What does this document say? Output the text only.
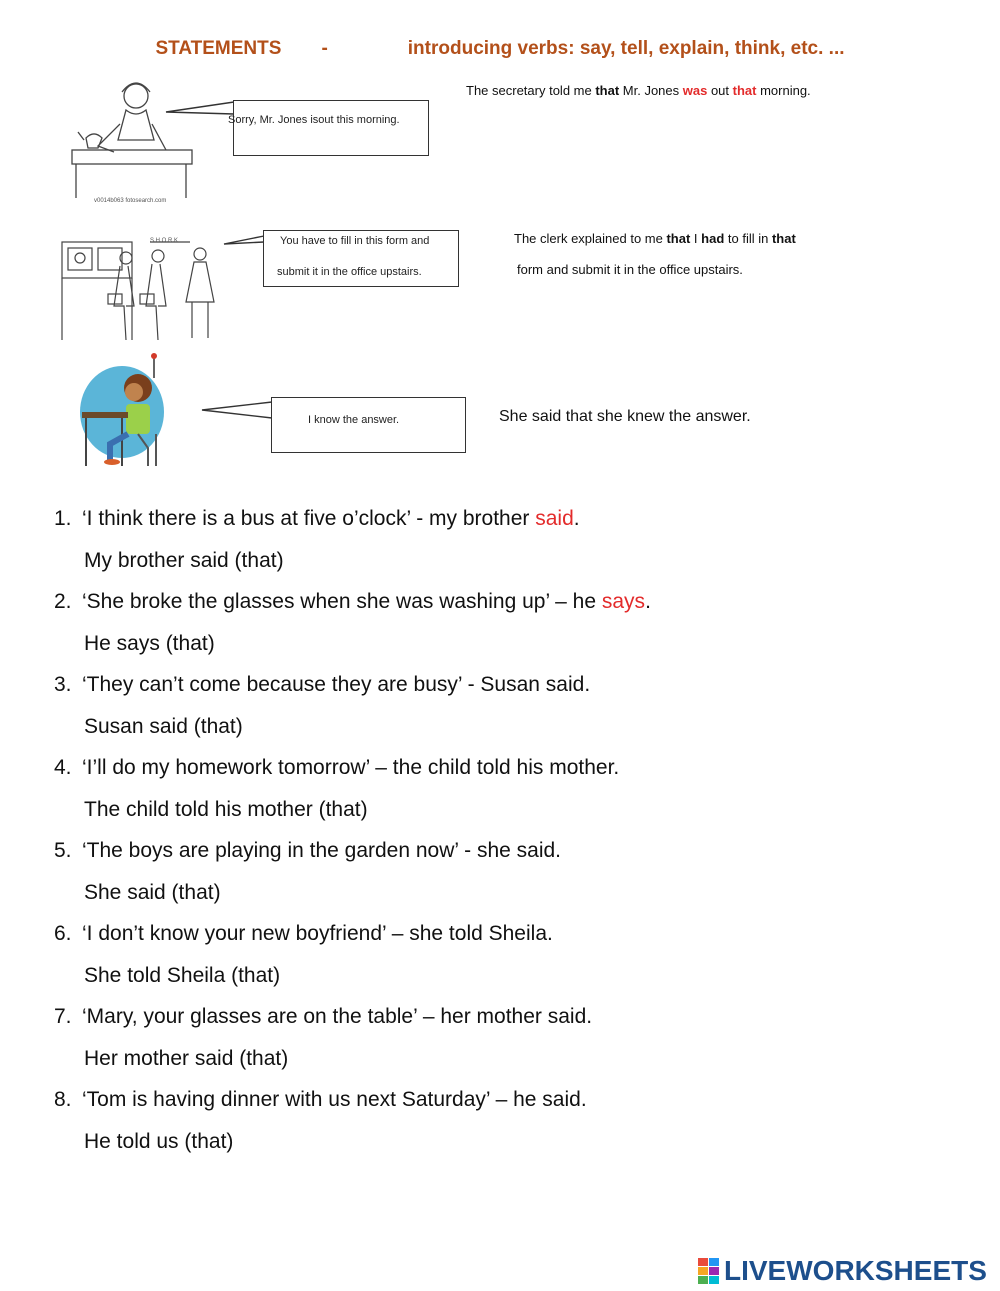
STATEMENTS -	introducing verbs: say, tell, explain, think, etc. ...
v0014b063 fotosearch.com
Sorry, Mr. Jones isout this morning.
The secretary told me that Mr. Jones was out that morning.
S.H.O.R.K	You have to fill in this form and
submit it in the office upstairs.
The clerk explained to me that I had to fill in that
form and submit it in the office upstairs.
I know the answer.	She said that she knew the answer.
1. ‘I think there is a bus at five o’clock’ - my brother said.
My brother said (that)
2. ‘She broke the glasses when she was washing up’ – he says.
He says (that)
3. ‘They can’t come because they are busy’ - Susan said.
Susan said (that)
4. ‘I’ll do my homework tomorrow’ – the child told his mother.
The child told his mother (that)
5. ‘The boys are playing in the garden now’ - she said.
She said (that)
6. ‘I don’t know your new boyfriend’ – she told Sheila.
She told Sheila (that)
7. ‘Mary, your glasses are on the table’ – her mother said.
Her mother said (that)
8. ‘Tom is having dinner with us next Saturday’ – he said.
He told us (that)
LIVEWORKSHEETS
